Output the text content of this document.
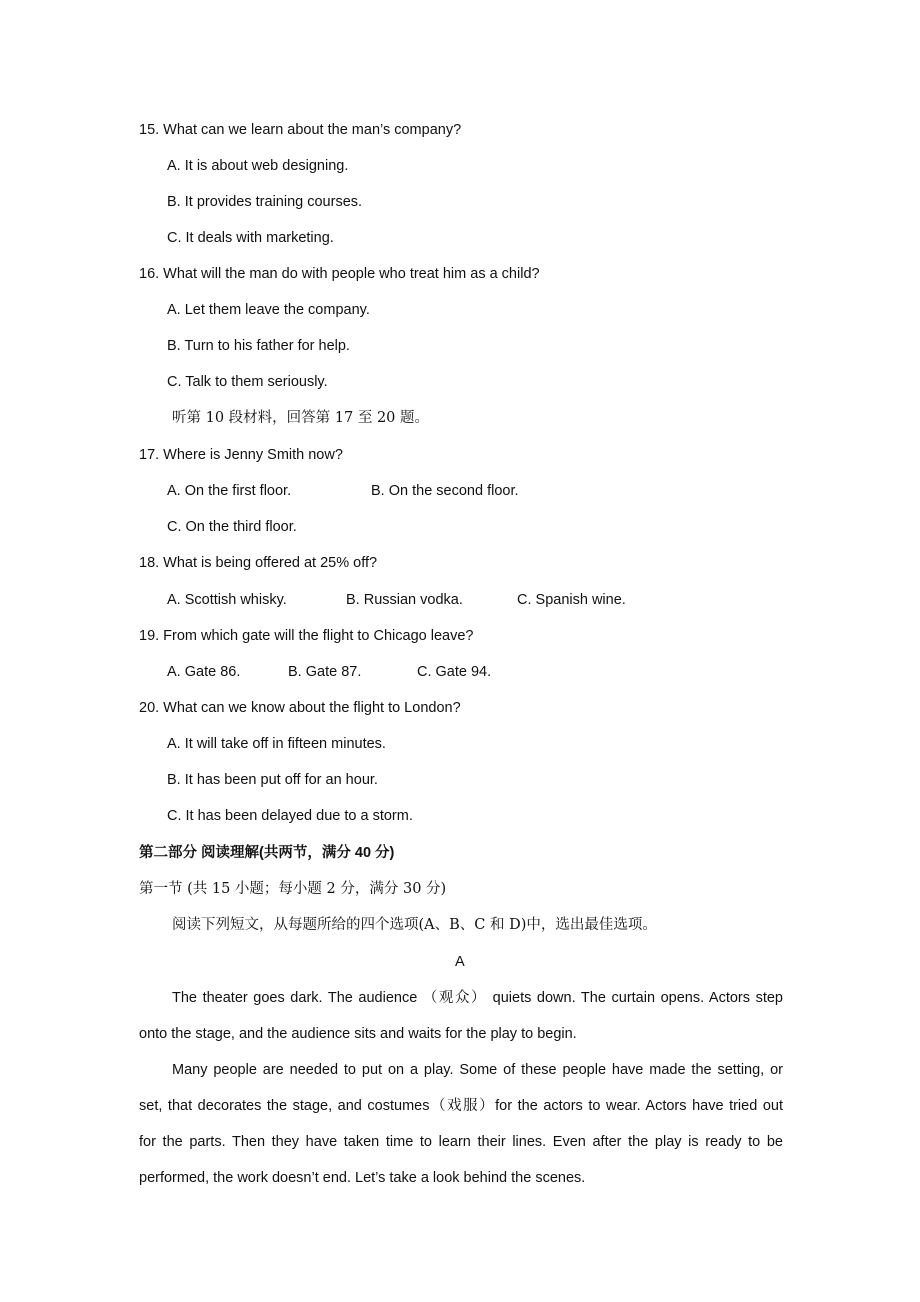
15. What can we learn about the man’s company?
A. It is about web designing.
B. It provides training courses.
C. It deals with marketing.
16. What will the man do with people who treat him as a child?
A. Let them leave the company.
B. Turn to his father for help.
C. Talk to them seriously.
听第 10 段材料，回答第 17 至 20 题。
17. Where is Jenny Smith now?
A. On the first floor.	B. On the second floor.
C. On the third floor.
18. What is being offered at 25% off?
A. Scottish whisky.	B. Russian vodka.	C. Spanish wine.
19. From which gate will the flight to Chicago leave?
A. Gate 86.	B. Gate 87.	C. Gate 94.
20. What can we know about the flight to London?
A. It will take off in fifteen minutes.
B. It has been put off for an hour.
C. It has been delayed due to a storm.
第二部分 阅读理解(共两节，满分 40 分)
第一节 (共 15 小题；每小题 2 分，满分 30 分)
阅读下列短文，从每题所给的四个选项(A、B、C 和 D)中，选出最佳选项。
A
The theater goes dark. The audience （观众） quiets down. The curtain opens. Actors step
onto the stage, and the audience sits and waits for the play to begin.
Many people are needed to put on a play. Some of these people have made the setting, or
set, that decorates the stage, and costumes（戏服）for the actors to wear. Actors have tried out
for the parts. Then they have taken time to learn their lines. Even after the play is ready to be
performed, the work doesn’t end. Let’s take a look behind the scenes.
